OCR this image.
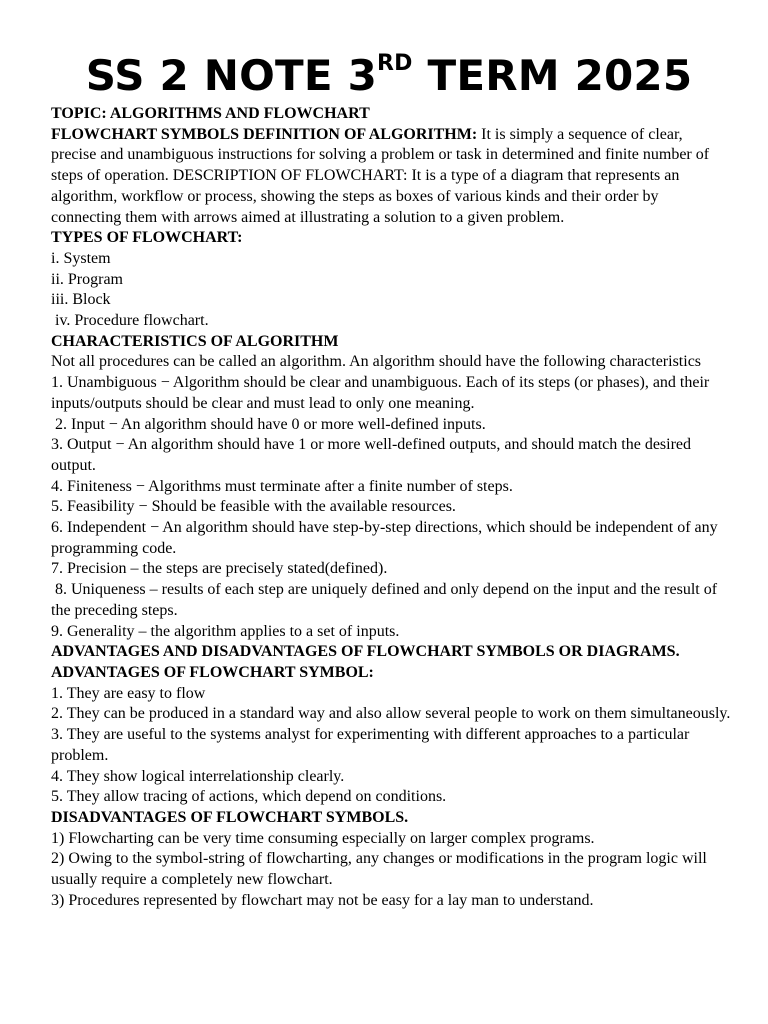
SS 2 NOTE 3RD TERM 2025

TOPIC: ALGORITHMS AND FLOWCHART

FLOWCHART SYMBOLS DEFINITION OF ALGORITHM: It is simply a sequence of clear, precise and unambiguous instructions for solving a problem or task in determined and finite number of steps of operation. DESCRIPTION OF FLOWCHART: It is a type of a diagram that represents an algorithm, workflow or process, showing the steps as boxes of various kinds and their order by connecting them with arrows aimed at illustrating a solution to a given problem.

TYPES OF FLOWCHART:

i. System

ii. Program

iii. Block

iv. Procedure flowchart.

CHARACTERISTICS OF ALGORITHM

Not all procedures can be called an algorithm. An algorithm should have the following characteristics

1. Unambiguous − Algorithm should be clear and unambiguous. Each of its steps (or phases), and their inputs/outputs should be clear and must lead to only one meaning.

2. Input − An algorithm should have 0 or more well-defined inputs.

3. Output − An algorithm should have 1 or more well-defined outputs, and should match the desired output.

4. Finiteness − Algorithms must terminate after a finite number of steps.

5. Feasibility − Should be feasible with the available resources.

6. Independent − An algorithm should have step-by-step directions, which should be independent of any programming code.

7. Precision – the steps are precisely stated(defined).

8. Uniqueness – results of each step are uniquely defined and only depend on the input and the result of the preceding steps.

9. Generality – the algorithm applies to a set of inputs.

ADVANTAGES AND DISADVANTAGES OF FLOWCHART SYMBOLS OR DIAGRAMS.

ADVANTAGES OF FLOWCHART SYMBOL:

1. They are easy to flow

2. They can be produced in a standard way and also allow several people to work on them simultaneously.

3. They are useful to the systems analyst for experimenting with different approaches to a particular problem.

4. They show logical interrelationship clearly.

5. They allow tracing of actions, which depend on conditions.

DISADVANTAGES OF FLOWCHART SYMBOLS.

1) Flowcharting can be very time consuming especially on larger complex programs.

2) Owing to the symbol-string of flowcharting, any changes or modifications in the program logic will usually require a completely new flowchart.

3) Procedures represented by flowchart may not be easy for a lay man to understand.
